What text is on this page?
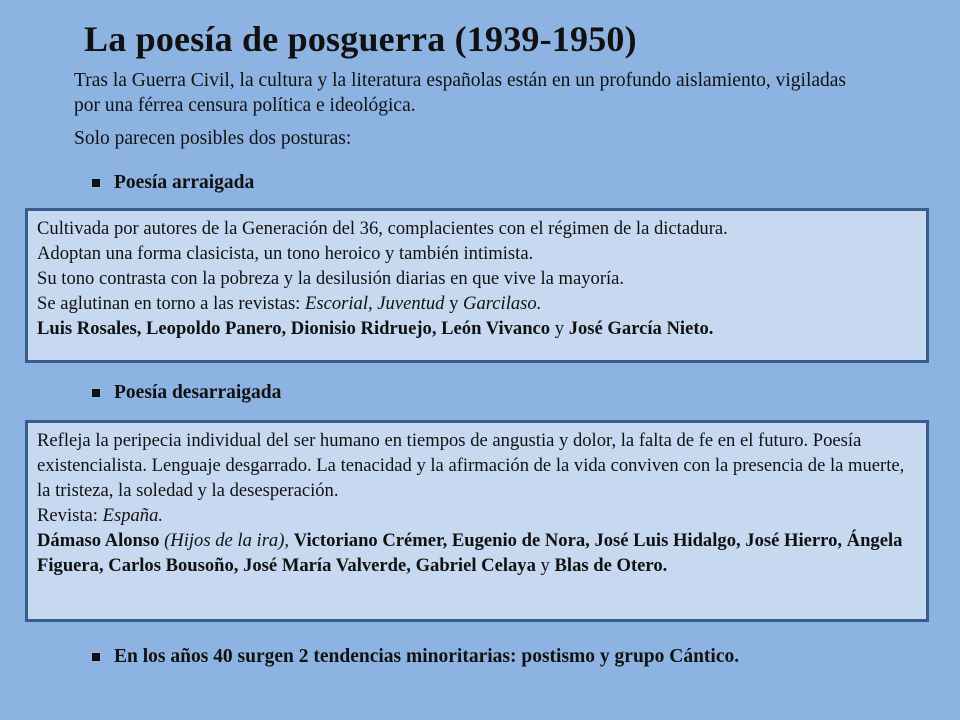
La poesía de posguerra (1939-1950)

Tras la Guerra Civil, la cultura y la literatura españolas están en un profundo aislamiento, vigiladas por una férrea censura política e ideológica.

Solo parecen posibles dos posturas:

Poesía arraigada

Cultivada por autores de la Generación del 36, complacientes con el régimen de la dictadura.

Adoptan una forma clasicista, un tono heroico y también intimista.

Su tono contrasta con la pobreza y la desilusión diarias en que vive la mayoría.

Se aglutinan en torno a las revistas: Escorial, Juventud y Garcilaso.

Luis Rosales, Leopoldo Panero, Dionisio Ridruejo, León Vivanco y José García Nieto.

Poesía desarraigada

Refleja la peripecia individual del ser humano en tiempos de angustia y dolor, la falta de fe en el futuro. Poesía existencialista. Lenguaje desgarrado. La tenacidad y la afirmación de la vida conviven con la presencia de la muerte, la tristeza, la soledad y la desesperación.

Revista: España.

Dámaso Alonso (Hijos de la ira), Victoriano Crémer, Eugenio de Nora, José Luis Hidalgo, José Hierro, Ángela Figuera, Carlos Bousoño, José María Valverde, Gabriel Celaya y Blas de Otero.

En los años 40 surgen 2 tendencias minoritarias: postismo y grupo Cántico.
